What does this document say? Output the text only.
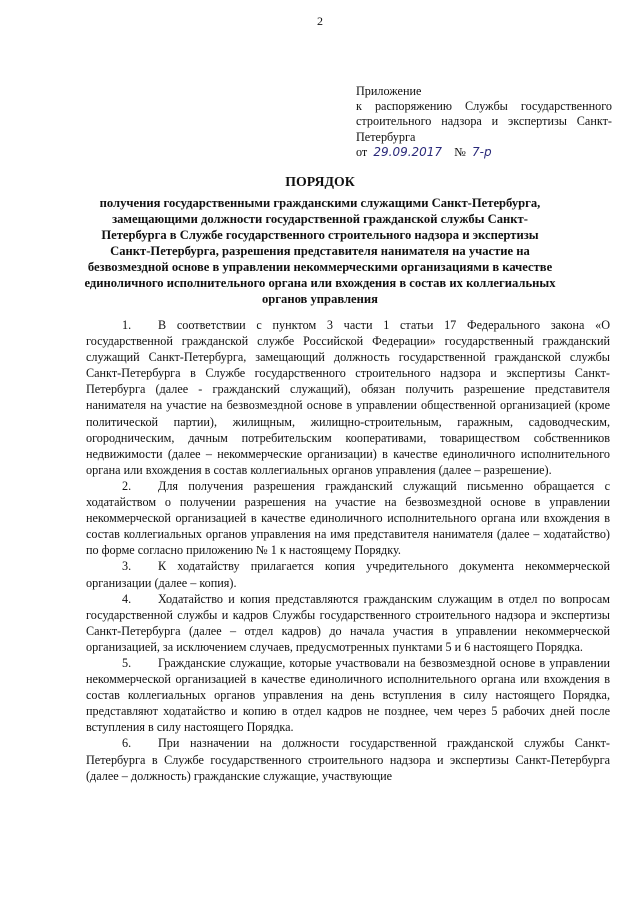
2
Приложение
к распоряжению Службы государственного строительного надзора и экспертизы Санкт-Петербурга
от 29.09.2017 № 7-р
ПОРЯДОК
получения государственными гражданскими служащими Санкт-Петербурга, замещающими должности государственной гражданской службы Санкт-Петербурга в Службе государственного строительного надзора и экспертизы Санкт-Петербурга, разрешения представителя нанимателя на участие на безвозмездной основе в управлении некоммерческими организациями в качестве единоличного исполнительного органа или вхождения в состав их коллегиальных органов управления

1. В соответствии с пунктом 3 части 1 статьи 17 Федерального закона «О государственной гражданской службе Российской Федерации» государственный гражданский служащий Санкт-Петербурга, замещающий должность государственной гражданской службы Санкт-Петербурга в Службе государственного строительного надзора и экспертизы Санкт-Петербурга (далее - гражданский служащий), обязан получить разрешение представителя нанимателя на участие на безвозмездной основе в управлении общественной организацией (кроме политической партии), жилищным, жилищно-строительным, гаражным, садоводческим, огородническим, дачным потребительским кооперативами, товариществом собственников недвижимости (далее – некоммерческие организации) в качестве единоличного исполнительного органа или вхождения в состав коллегиальных органов управления (далее – разрешение).

2. Для получения разрешения гражданский служащий письменно обращается с ходатайством о получении разрешения на участие на безвозмездной основе в управлении некоммерческой организацией в качестве единоличного исполнительного органа или вхождения в состав коллегиальных органов управления на имя представителя нанимателя (далее – ходатайство) по форме согласно приложению № 1 к настоящему Порядку.

3. К ходатайству прилагается копия учредительного документа некоммерческой организации (далее – копия).

4. Ходатайство и копия представляются гражданским служащим в отдел по вопросам государственной службы и кадров Службы государственного строительного надзора и экспертизы Санкт-Петербурга (далее – отдел кадров) до начала участия в управлении некоммерческой организацией, за исключением случаев, предусмотренных пунктами 5 и 6 настоящего Порядка.

5. Гражданские служащие, которые участвовали на безвозмездной основе в управлении некоммерческой организацией в качестве единоличного исполнительного органа или вхождения в состав коллегиальных органов управления на день вступления в силу настоящего Порядка, представляют ходатайство и копию в отдел кадров не позднее, чем через 5 рабочих дней после вступления в силу настоящего Порядка.

6. При назначении на должности государственной гражданской службы Санкт-Петербурга в Службе государственного строительного надзора и экспертизы Санкт-Петербурга (далее – должность) гражданские служащие, участвующие
